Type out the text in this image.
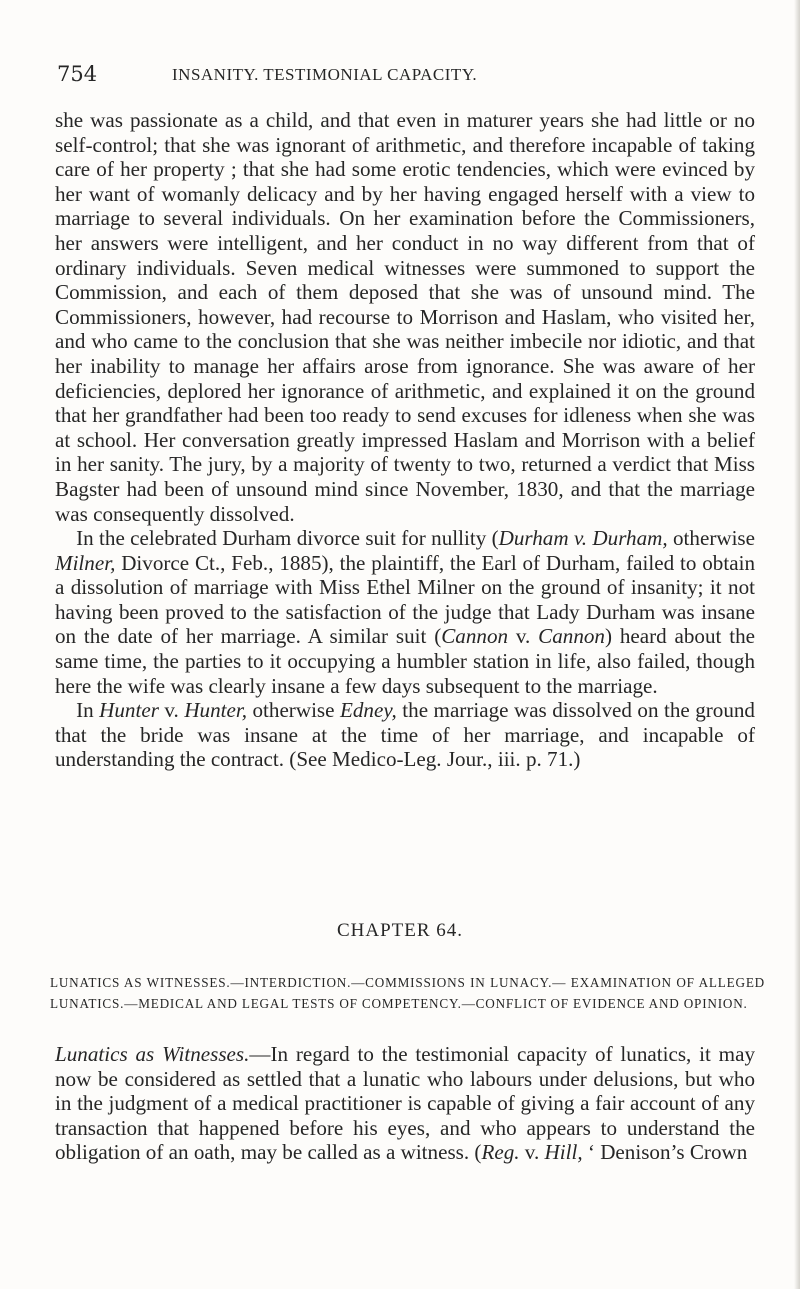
754	INSANITY. TESTIMONIAL CAPACITY.

she was passionate as a child, and that even in maturer years she had little or no self-control; that she was ignorant of arithmetic, and therefore incapable of taking care of her property ; that she had some erotic tendencies, which were evinced by her want of womanly delicacy and by her having engaged herself with a view to marriage to several individuals. On her examination before the Commissioners, her answers were intelligent, and her conduct in no way different from that of ordinary individuals. Seven medical witnesses were summoned to support the Commission, and each of them deposed that she was of unsound mind. The Commissioners, however, had recourse to Morrison and Haslam, who visited her, and who came to the conclusion that she was neither imbecile nor idiotic, and that her inability to manage her affairs arose from ignorance. She was aware of her deficiencies, deplored her ignorance of arithmetic, and explained it on the ground that her grandfather had been too ready to send excuses for idleness when she was at school. Her conversation greatly impressed Haslam and Morrison with a belief in her sanity. The jury, by a majority of twenty to two, returned a verdict that Miss Bagster had been of unsound mind since November, 1830, and that the marriage was consequently dissolved.

 In the celebrated Durham divorce suit for nullity (Durham v. Durham, otherwise Milner, Divorce Ct., Feb., 1885), the plaintiff, the Earl of Durham, failed to obtain a dissolution of marriage with Miss Ethel Milner on the ground of insanity; it not having been proved to the satisfaction of the judge that Lady Durham was insane on the date of her marriage. A similar suit (Cannon v. Cannon) heard about the same time, the parties to it occupying a humbler station in life, also failed, though here the wife was clearly insane a few days subsequent to the marriage.

 In Hunter v. Hunter, otherwise Edney, the marriage was dissolved on the ground that the bride was insane at the time of her marriage, and incapable of understanding the contract. (See Medico-Leg. Jour., iii. p. 71.)

CHAPTER 64.
LUNATICS AS WITNESSES.—INTERDICTION.—COMMISSIONS IN LUNACY.— EXAMINATION OF ALLEGED LUNATICS.—MEDICAL AND LEGAL TESTS OF COMPETENCY.—CONFLICT OF EVIDENCE AND OPINION.

Lunatics as Witnesses.—In regard to the testimonial capacity of lunatics, it may now be considered as settled that a lunatic who labours under delusions, but who in the judgment of a medical practitioner is capable of giving a fair account of any transaction that happened before his eyes, and who appears to understand the obligation of an oath, may be called as a witness. (Reg. v. Hill, ‘ Denison’s Crown
